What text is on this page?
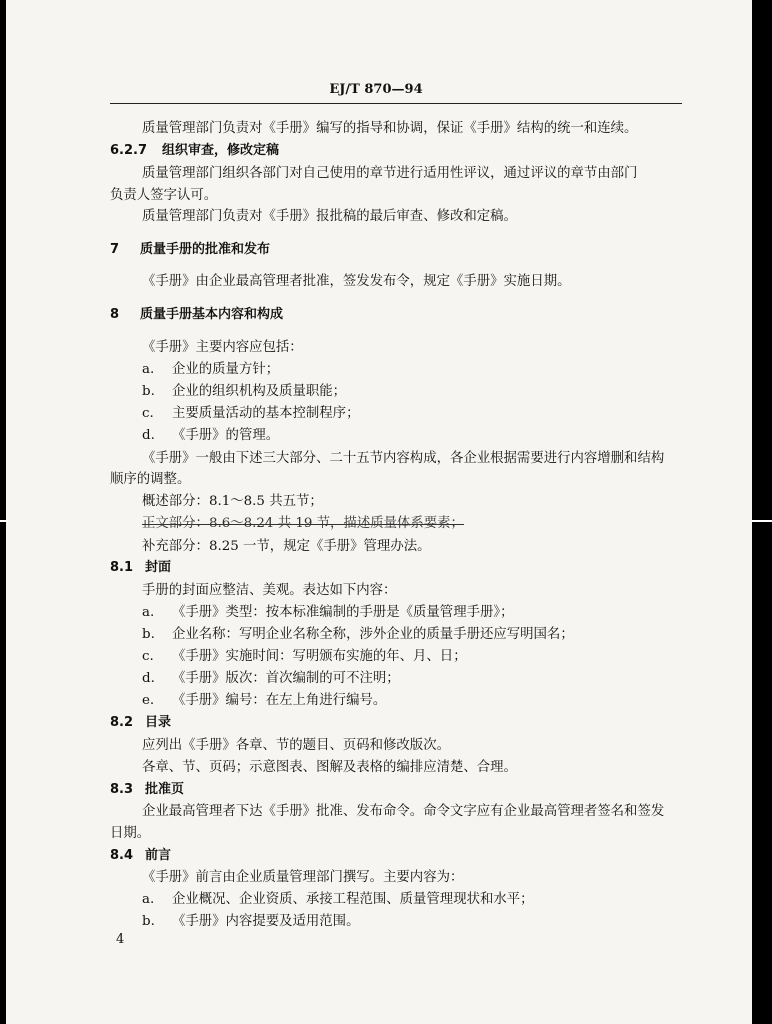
EJ/T 870—94
质量管理部门负责对《手册》编写的指导和协调，保证《手册》结构的统一和连续。
6.2.7 组织审查，修改定稿
质量管理部门组织各部门对自己使用的章节进行适用性评议，通过评议的章节由部门
负责人签字认可。
质量管理部门负责对《手册》报批稿的最后审查、修改和定稿。
7 质量手册的批准和发布
《手册》由企业最高管理者批准，签发发布令，规定《手册》实施日期。
8 质量手册基本内容和构成
《手册》主要内容应包括：
a. 企业的质量方针；
b. 企业的组织机构及质量职能；
c. 主要质量活动的基本控制程序；
d. 《手册》的管理。
《手册》一般由下述三大部分、二十五节内容构成，各企业根据需要进行内容增删和结构
顺序的调整。
概述部分：8.1～8.5 共五节；
正文部分：8.6～8.24 共 19 节，描述质量体系要素；
补充部分：8.25 一节，规定《手册》管理办法。
8.1 封面
手册的封面应整洁、美观。表达如下内容：
a. 《手册》类型：按本标准编制的手册是《质量管理手册》；
b. 企业名称：写明企业名称全称，涉外企业的质量手册还应写明国名；
c. 《手册》实施时间：写明颁布实施的年、月、日；
d. 《手册》版次：首次编制的可不注明；
e. 《手册》编号：在左上角进行编号。
8.2 目录
应列出《手册》各章、节的题目、页码和修改版次。
各章、节、页码；示意图表、图解及表格的编排应清楚、合理。
8.3 批准页
企业最高管理者下达《手册》批准、发布命令。命令文字应有企业最高管理者签名和签发
日期。
8.4 前言
《手册》前言由企业质量管理部门撰写。主要内容为：
a. 企业概况、企业资质、承接工程范围、质量管理现状和水平；
b. 《手册》内容提要及适用范围。
4
